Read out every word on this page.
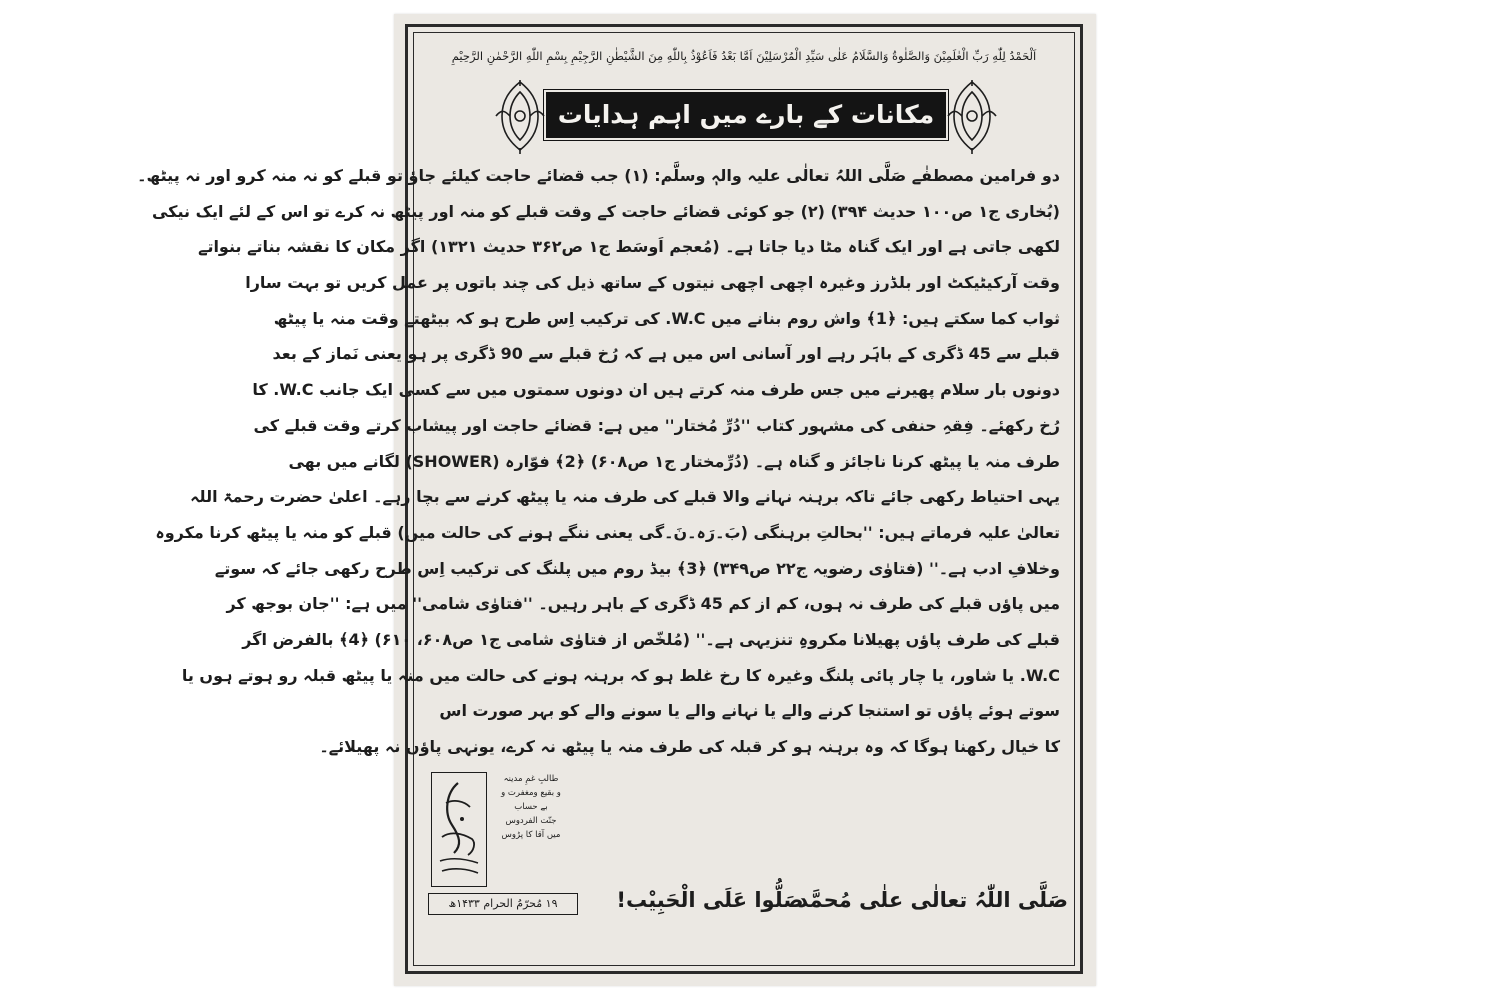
اَلْحَمْدُ لِلّٰهِ رَبِّ الْعٰلَمِیْنَ وَالصَّلٰوةُ وَالسَّلَامُ عَلٰی سَیِّدِ الْمُرْسَلِیْنَ اَمَّا بَعْدُ فَاَعُوْذُ بِاللّٰهِ مِنَ الشَّیْطٰنِ الرَّجِیْمِ بِسْمِ اللّٰهِ الرَّحْمٰنِ الرَّحِیْمِ
مکانات کے بارے میں اہم ہدایات
دو فرامین مصطفٰے صَلَّی اللہُ تعالٰی علیہ والہٖ وسلَّم: (۱) جب قضائے حاجت کیلئے جاؤ تو قبلے کو نہ منہ کرو اور نہ پیٹھ۔
(بُخاری ج۱ ص۱۰۰ حدیث ۳۹۴) (۲) جو کوئی قضائے حاجت کے وقت قبلے کو منہ اور پیٹھ نہ کرے تو اس کے لئے ایک نیکی
لکھی جاتی ہے اور ایک گناہ مٹا دیا جاتا ہے۔ (مُعجم اَوسَط ج۱ ص۳۶۲ حدیث ۱۳۲۱) اگر مکان کا نقشہ بناتے بنواتے
وقت آرکیٹیکٹ اور بلڈرز وغیرہ اچھی اچھی نیتوں کے ساتھ ذیل کی چند باتوں پر عمل کریں تو بہت سارا
ثواب کما سکتے ہیں: ﴿1﴾ واش روم بنانے میں W.C. کی ترکیب اِس طرح ہو کہ بیٹھتے وقت منہ یا پیٹھ
قبلے سے 45 ڈگری کے باہَر رہے اور آسانی اس میں ہے کہ رُخ قبلے سے 90 ڈگری پر ہو یعنی نَماز کے بعد
دونوں بار سلام پھیرنے میں جس طرف منہ کرتے ہیں ان دونوں سمتوں میں سے کسی ایک جانب W.C. کا
رُخ رکھئے۔ فِقہِ حنفی کی مشہور کتاب ''دُرِّ مُختار'' میں ہے: قضائے حاجت اور پیشاب کرتے وقت قبلے کی
طرف منہ یا پیٹھ کرنا ناجائز و گناہ ہے۔ (دُرِّمختار ج۱ ص۶۰۸) ﴿2﴾ فوّارہ (SHOWER) لگانے میں بھی
یہی احتیاط رکھی جائے تاکہ برہنہ نہانے والا قبلے کی طرف منہ یا پیٹھ کرنے سے بچا رہے۔ اعلیٰ حضرت رحمۃ اللہ
تعالیٰ علیہ فرماتے ہیں: ''بحالتِ برہنگی (بَ۔رَہ۔نَ۔گی یعنی ننگے ہونے کی حالت میں) قبلے کو منہ یا پیٹھ کرنا مکروہ
وخلافِ ادب ہے۔'' (فتاوٰی رضویہ ج۲۲ ص۳۴۹) ﴿3﴾ بیڈ روم میں پلنگ کی ترکیب اِس طرح رکھی جائے کہ سوتے
میں پاؤں قبلے کی طرف نہ ہوں، کم از کم 45 ڈگری کے باہر رہیں۔ ''فتاوٰی شامی'' میں ہے: ''جان بوجھ کر
قبلے کی طرف پاؤں پھیلانا مکروہِ تنزیہی ہے۔'' (مُلخّص از فتاوٰی شامی ج۱ ص۶۰۸، ۶۱۰) ﴿4﴾ بالفرض اگر
W.C. یا شاور، یا چار پائی پلنگ وغیرہ کا رخ غلط ہو کہ برہنہ ہونے کی حالت میں منہ یا پیٹھ قبلہ رو ہوتے ہوں یا
سوتے ہوئے پاؤں تو استنجا کرنے والے یا نہانے والے یا سونے والے کو بہر صورت اس
کا خیال رکھنا ہوگا کہ وہ برہنہ ہو کر قبلہ کی طرف منہ یا پیٹھ نہ کرے، یونہی پاؤں نہ پھیلائے۔
طالبِ غمِ مدینہ
و بقیع ومغفرت و
بے حساب
جنّت الفردوس
میں آقا کا پڑوس
۱۹ مُحرّمُ الحرام ۱۴۳۳ھ	صَلُّوا عَلَی الْحَبِیْب!
صَلَّی اللّٰہُ تعالٰی علٰی مُحمَّد
